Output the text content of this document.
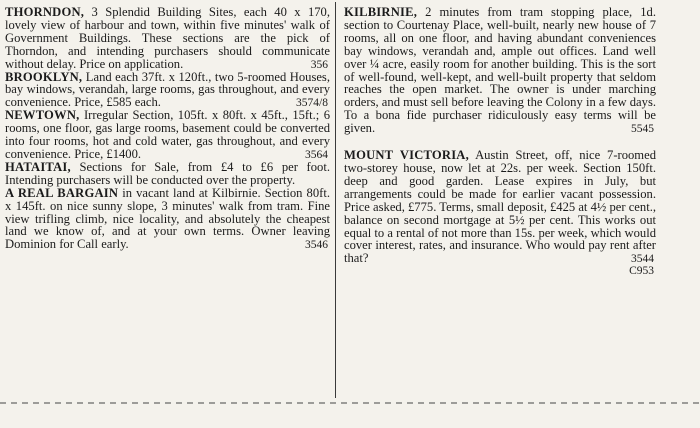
THORNDON, 3 Splendid Building Sites, each 40 x 170, lovely view of harbour and town, within five minutes' walk of Government Buildings. These sections are the pick of Thorndon, and intending purchasers should communicate without delay. Price on application.	356

BROOKLYN, Land each 37ft. x 120ft., two 5-roomed Houses, bay windows, verandah, large rooms, gas throughout, and every convenience. Price, £585 each.	3574/8

NEWTOWN, Irregular Section, 105ft. x 80ft. x 45ft., 15ft.; 6 rooms, one floor, gas large rooms, basement could be converted into four rooms, hot and cold water, gas throughout, and every convenience. Price, £1400.	3564

HATAITAI, Sections for Sale, from £4 to £6 per foot. Intending purchasers will be conducted over the property.

A REAL BARGAIN in vacant land at Kilbirnie. Section 80ft. x 145ft. on nice sunny slope, 3 minutes' walk from tram. Fine view trifling climb, nice locality, and absolutely the cheapest land we know of, and at your own terms. Owner leaving Dominion for Call early.	3546

KILBIRNIE, 2 minutes from tram stopping place, 1d. section to Courtenay Place, well-built, nearly new house of 7 rooms, all on one floor, and having abundant conveniences bay windows, verandah and, ample out offices. Land well over ¼ acre, easily room for another building. This is the sort of well-found, well-kept, and well-built property that seldom reaches the open market. The owner is under marching orders, and must sell before leaving the Colony in a few days. To a bona fide purchaser ridiculously easy terms will be given.	5545

MOUNT VICTORIA, Austin Street, off, nice 7-roomed two-storey house, now let at 22s. per week. Section 150ft. deep and good garden. Lease expires in July, but arrangements could be made for earlier vacant possession. Price asked, £775. Terms, small deposit, £425 at 4½ per cent., balance on second mortgage at 5½ per cent. This works out equal to a rental of not more than 15s. per week, which would cover interest, rates, and insurance. Who would pay rent after that?	3544
C953
